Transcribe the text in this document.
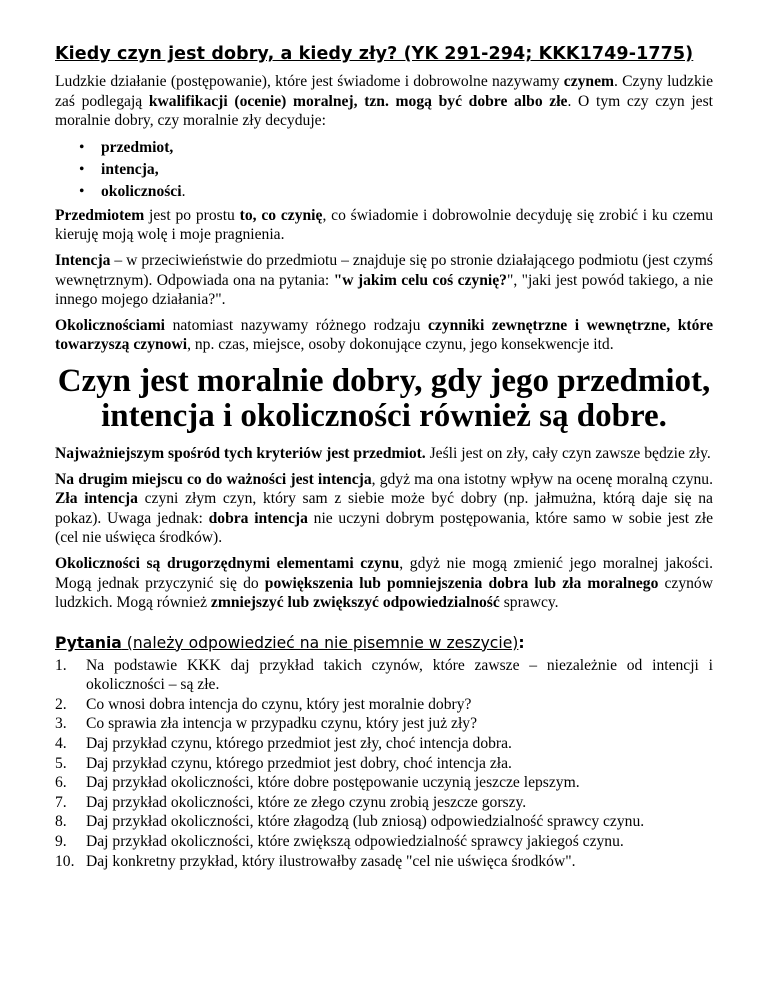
Kiedy czyn jest dobry, a kiedy zły? (YK 291-294; KKK1749-1775)

Ludzkie działanie (postępowanie), które jest świadome i dobrowolne nazywamy czynem. Czyny ludzkie zaś podlegają kwalifikacji (ocenie) moralnej, tzn. mogą być dobre albo złe. O tym czy czyn jest moralnie dobry, czy moralnie zły decyduje:

• przedmiot,
• intencja,
• okoliczności.

Przedmiotem jest po prostu to, co czynię, co świadomie i dobrowolnie decyduję się zrobić i ku czemu kieruję moją wolę i moje pragnienia.

Intencja – w przeciwieństwie do przedmiotu – znajduje się po stronie działającego podmiotu (jest czymś wewnętrznym). Odpowiada ona na pytania: "w jakim celu coś czynię?", "jaki jest powód takiego, a nie innego mojego działania?".

Okolicznościami natomiast nazywamy różnego rodzaju czynniki zewnętrzne i wewnętrzne, które towarzyszą czynowi, np. czas, miejsce, osoby dokonujące czynu, jego konsekwencje itd.

Czyn jest moralnie dobry, gdy jego przedmiot, intencja i okoliczności również są dobre.

Najważniejszym spośród tych kryteriów jest przedmiot. Jeśli jest on zły, cały czyn zawsze będzie zły.

Na drugim miejscu co do ważności jest intencja, gdyż ma ona istotny wpływ na ocenę moralną czynu. Zła intencja czyni złym czyn, który sam z siebie może być dobry (np. jałmużna, którą daje się na pokaz). Uwaga jednak: dobra intencja nie uczyni dobrym postępowania, które samo w sobie jest złe (cel nie uświęca środków).

Okoliczności są drugorzędnymi elementami czynu, gdyż nie mogą zmienić jego moralnej jakości. Mogą jednak przyczynić się do powiększenia lub pomniejszenia dobra lub zła moralnego czynów ludzkich. Mogą również zmniejszyć lub zwiększyć odpowiedzialność sprawcy.

Pytania (należy odpowiedzieć na nie pisemnie w zeszycie):
1.	Na podstawie KKK daj przykład takich czynów, które zawsze – niezależnie od intencji i okoliczności – są złe.
2.	Co wnosi dobra intencja do czynu, który jest moralnie dobry?
3.	Co sprawia zła intencja w przypadku czynu, który jest już zły?
4.	Daj przykład czynu, którego przedmiot jest zły, choć intencja dobra.
5.	Daj przykład czynu, którego przedmiot jest dobry, choć intencja zła.
6.	Daj przykład okoliczności, które dobre postępowanie uczynią jeszcze lepszym.
7.	Daj przykład okoliczności, które ze złego czynu zrobią jeszcze gorszy.
8.	Daj przykład okoliczności, które złagodzą (lub zniosą) odpowiedzialność sprawcy czynu.
9.	Daj przykład okoliczności, które zwiększą odpowiedzialność sprawcy jakiegoś czynu.
10. Daj konkretny przykład, który ilustrowałby zasadę "cel nie uświęca środków".
